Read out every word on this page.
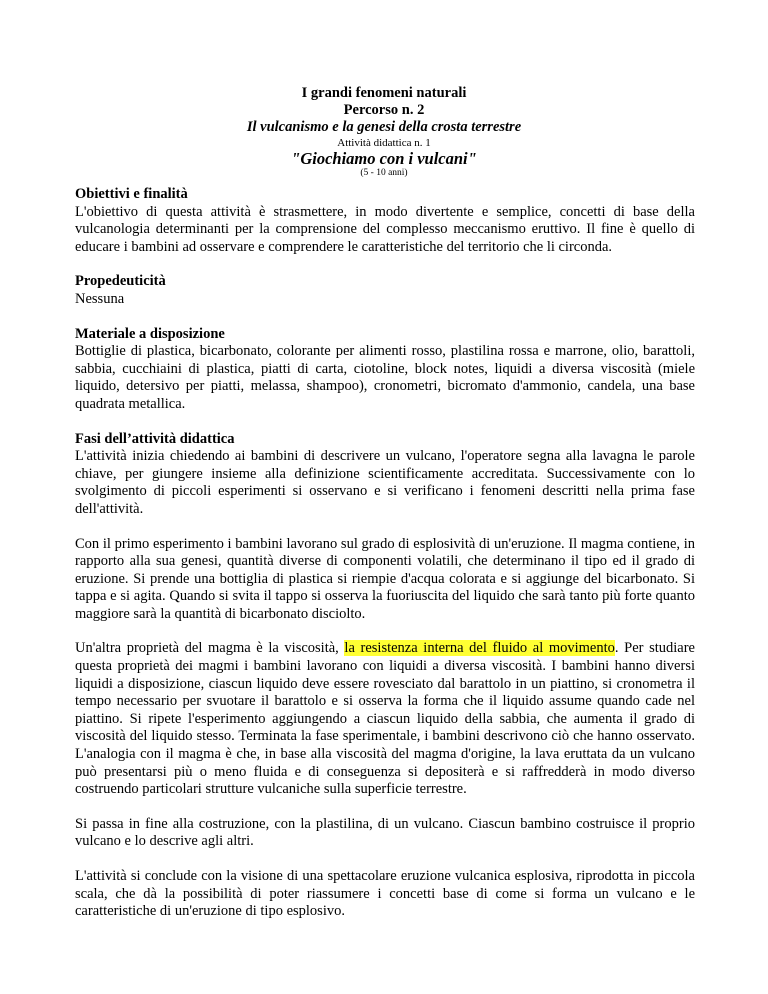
I grandi fenomeni naturali
Percorso n. 2
Il vulcanismo e la genesi della crosta terrestre
Attività didattica n. 1
"Giochiamo con i vulcani"
(5 - 10 anni)
Obiettivi e finalità

L'obiettivo di questa attività è strasmettere, in modo divertente e semplice, concetti di base della vulcanologia determinanti per la comprensione del complesso meccanismo eruttivo. Il fine è quello di educare i bambini ad osservare e comprendere le caratteristiche del territorio che li circonda.

Propedeuticità

Nessuna

Materiale a disposizione

Bottiglie di plastica, bicarbonato, colorante per alimenti rosso, plastilina rossa e marrone, olio, barattoli, sabbia, cucchiaini di plastica, piatti di carta, ciotoline, block notes, liquidi a diversa viscosità (miele liquido, detersivo per piatti, melassa, shampoo), cronometri, bicromato d'ammonio, candela, una base quadrata metallica.

Fasi dell’attività didattica

L'attività inizia chiedendo ai bambini di descrivere un vulcano, l'operatore segna alla lavagna le parole chiave, per giungere insieme alla definizione scientificamente accreditata. Successivamente con lo svolgimento di piccoli esperimenti si osservano e si verificano i fenomeni descritti nella prima fase dell'attività.

Con il primo esperimento i bambini lavorano sul grado di esplosività di un'eruzione. Il magma contiene, in rapporto alla sua genesi, quantità diverse di componenti volatili, che determinano il tipo ed il grado di eruzione. Si prende una bottiglia di plastica si riempie d'acqua colorata e si aggiunge del bicarbonato. Si tappa e si agita. Quando si svita il tappo si osserva la fuoriuscita del liquido che sarà tanto più forte quanto maggiore sarà la quantità di bicarbonato disciolto.

Un'altra proprietà del magma è la viscosità, la resistenza interna del fluido al movimento. Per studiare questa proprietà dei magmi i bambini lavorano con liquidi a diversa viscosità. I bambini hanno diversi liquidi a disposizione, ciascun liquido deve essere rovesciato dal barattolo in un piattino, si cronometra il tempo necessario per svuotare il barattolo e si osserva la forma che il liquido assume quando cade nel piattino. Si ripete l'esperimento aggiungendo a ciascun liquido della sabbia, che aumenta il grado di viscosità del liquido stesso. Terminata la fase sperimentale, i bambini descrivono ciò che hanno osservato. L'analogia con il magma è che, in base alla viscosità del magma d'origine, la lava eruttata da un vulcano può presentarsi più o meno fluida e di conseguenza si depositerà e si raffredderà in modo diverso costruendo particolari strutture vulcaniche sulla superficie terrestre.

Si passa in fine alla costruzione, con la plastilina, di un vulcano. Ciascun bambino costruisce il proprio vulcano e lo descrive agli altri.

L'attività si conclude con la visione di una spettacolare eruzione vulcanica esplosiva, riprodotta in piccola scala, che dà la possibilità di poter riassumere i concetti base di come si forma un vulcano e le caratteristiche di un'eruzione di tipo esplosivo.
